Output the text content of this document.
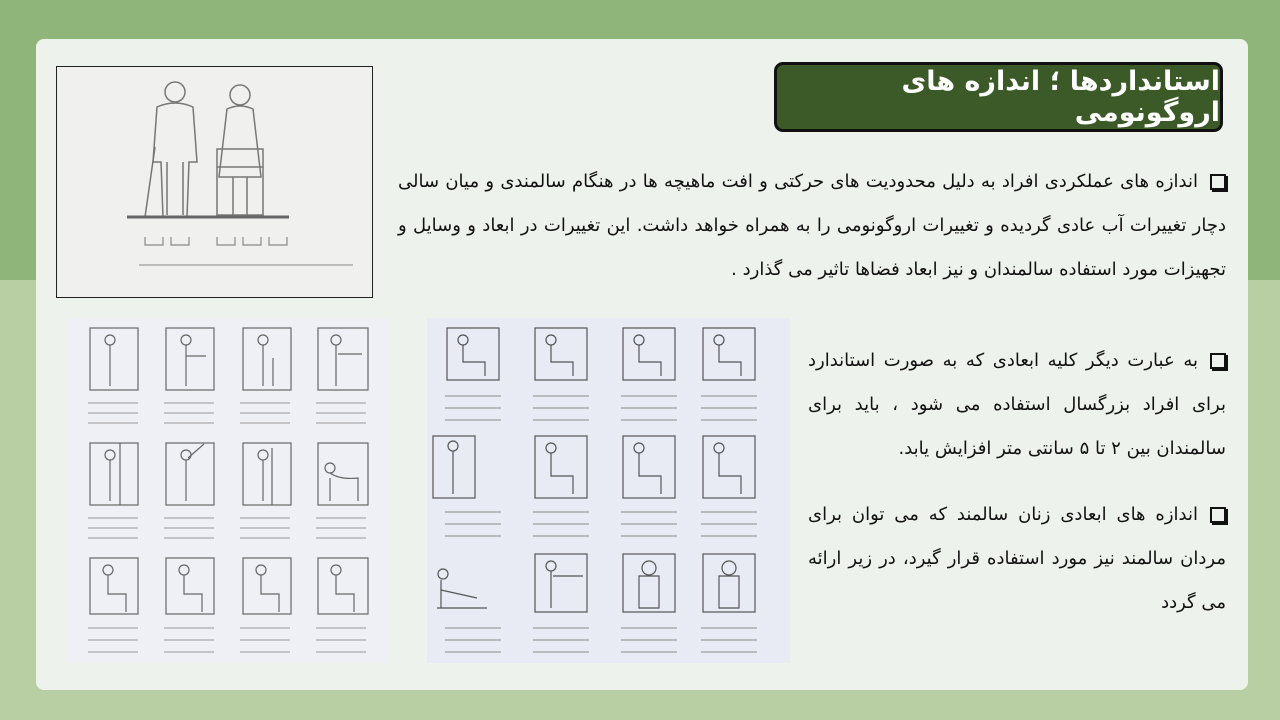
استانداردها ؛ اندازه های اروگونومی
اندازه های عملکردی افراد به دلیل محدودیت های حرکتی و افت ماهیچه ها در هنگام سالمندی و میان سالی دچار تغییرات آب عادی گردیده و تغییرات اروگونومی را به همراه خواهد داشت. این تغییرات در ابعاد و وسایل و تجهیزات مورد استفاده سالمندان و نیز ابعاد فضاها تاثیر می گذارد .
به عبارت دیگر کلیه ابعادی که به صورت استاندارد برای افراد بزرگسال استفاده می شود ، باید برای سالمندان بین ۲ تا ۵ سانتی متر افزایش یابد.
اندازه های ابعادی زنان سالمند که می توان برای مردان سالمند نیز مورد استفاده قرار گیرد، در زیر ارائه می گردد
